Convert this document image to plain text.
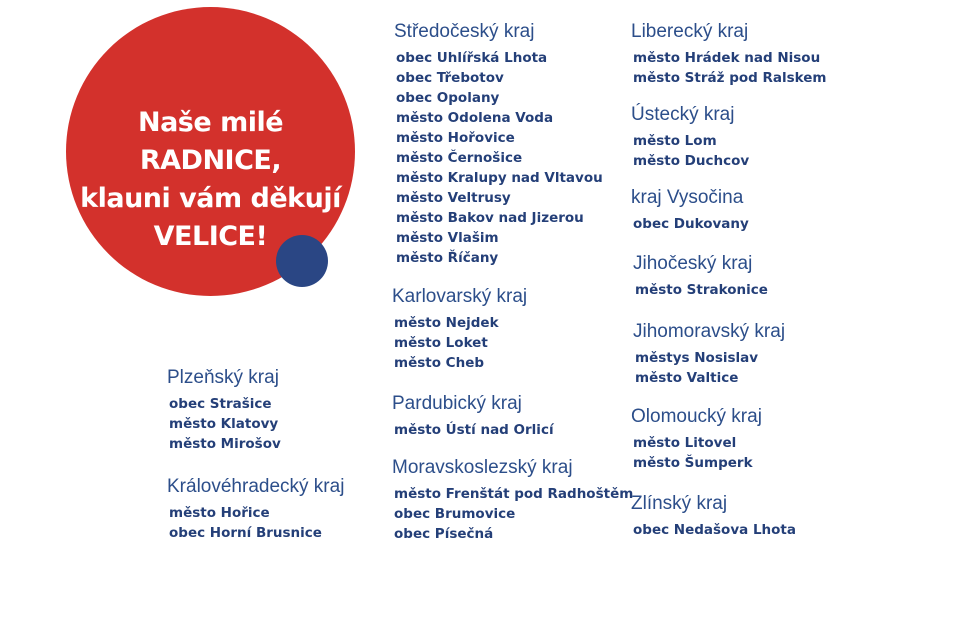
Naše milé RADNICE,
klauni vám děkují
VELICE!
Středočeský kraj
obec Uhlířská Lhota
obec Třebotov
obec Opolany
město Odolena Voda
město Hořovice
město Černošice
město Kralupy nad Vltavou
město Veltrusy
město Bakov nad Jizerou
město Vlašim
město Říčany
Karlovarský kraj
město Nejdek
město Loket
město Cheb
Pardubický kraj
město Ústí nad Orlicí
Moravskoslezský kraj
město Frenštát pod Radhoštěm
obec Brumovice
obec Písečná
Plzeňský kraj
obec Strašice
město Klatovy
město Mirošov
Královéhradecký kraj
město Hořice
obec Horní Brusnice
Liberecký kraj
město Hrádek nad Nisou
město Stráž pod Ralskem
Ústecký kraj
město Lom
město Duchcov
kraj Vysočina
obec Dukovany
Jihočeský kraj
město Strakonice
Jihomoravský kraj
městys Nosislav
město Valtice
Olomoucký kraj
město Litovel
město Šumperk
Zlínský kraj
obec Nedašova Lhota
